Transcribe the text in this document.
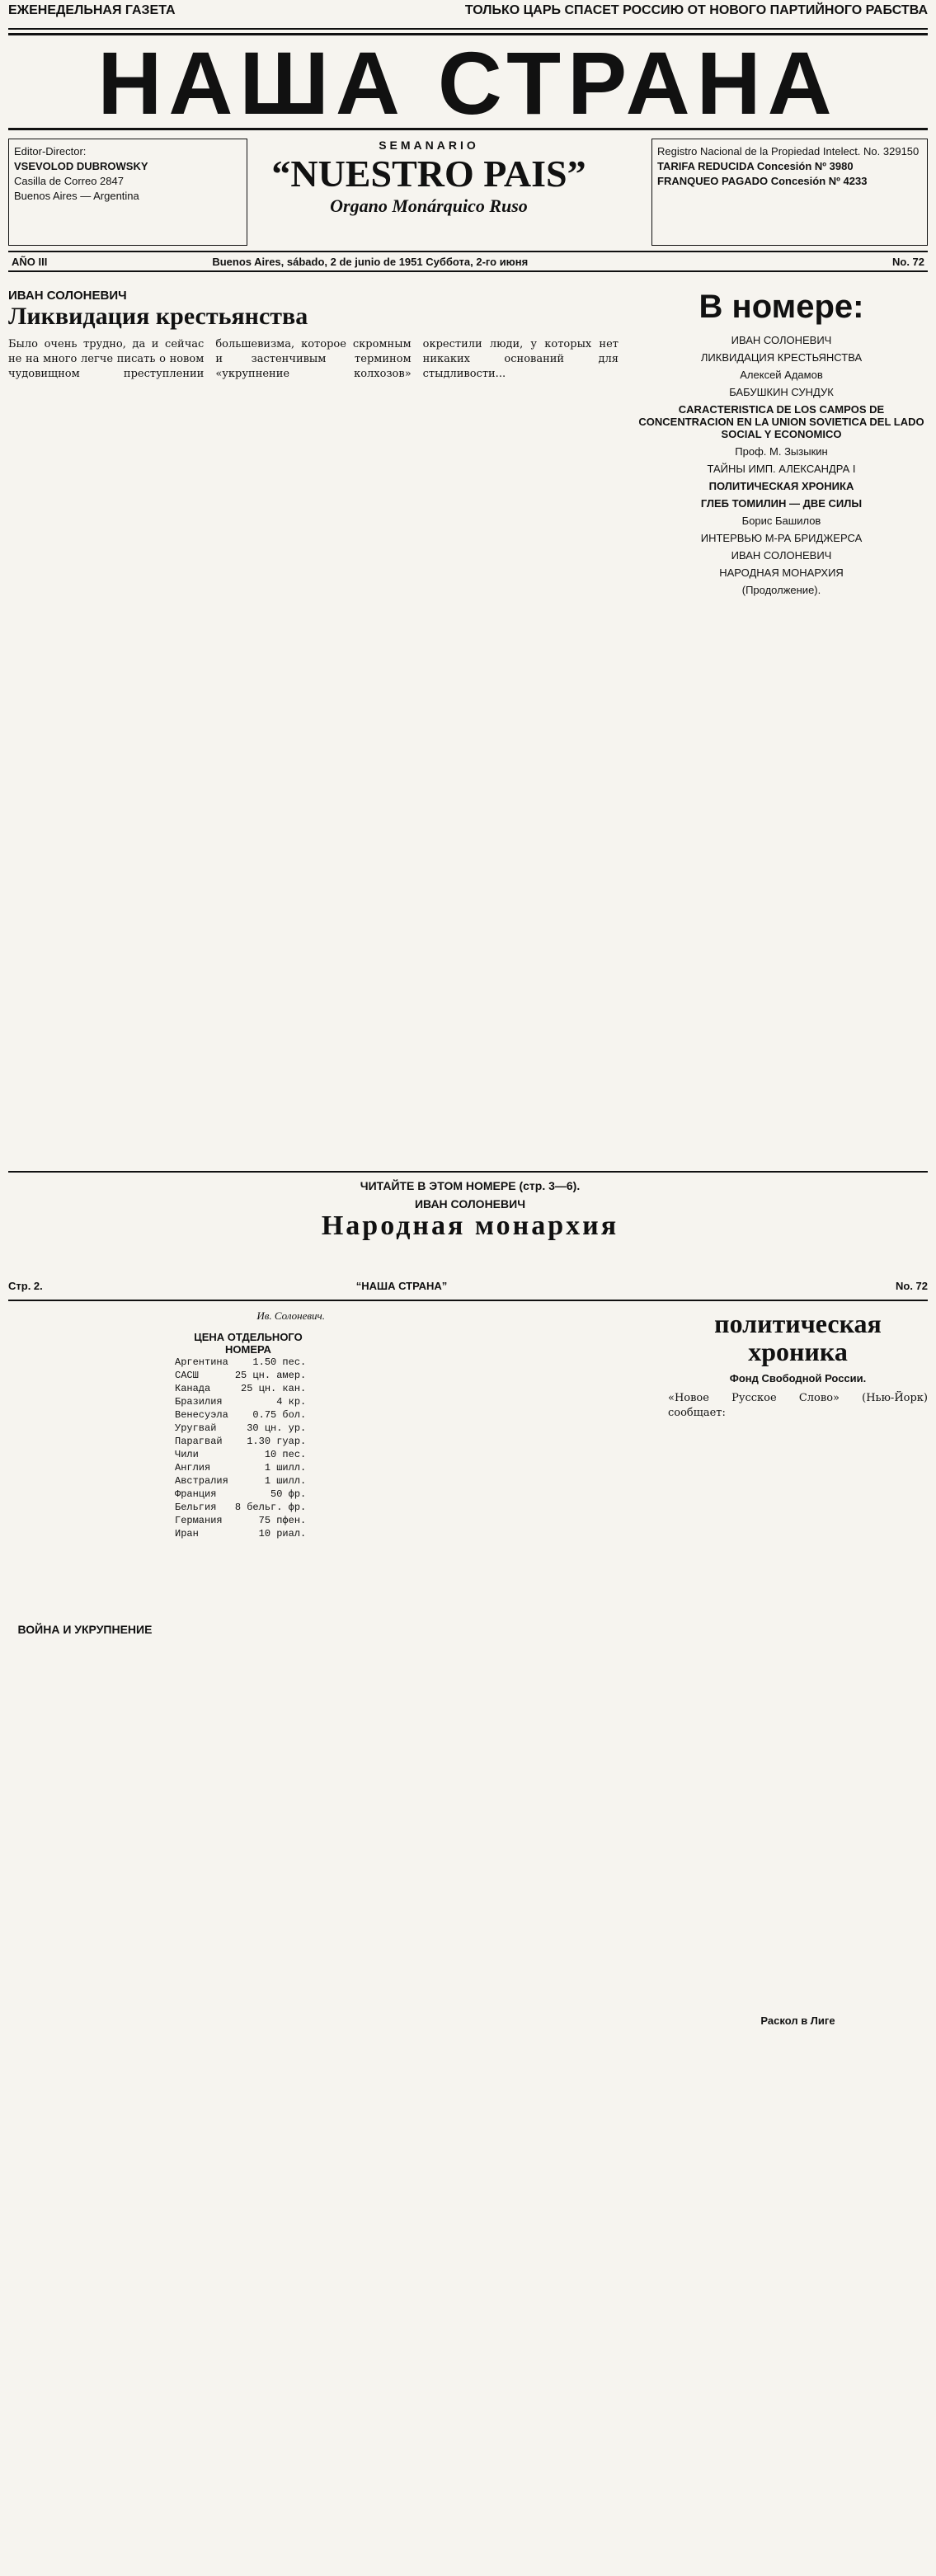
ЕЖЕНЕДЕЛЬНАЯ ГАЗЕТА	ТОЛЬКО ЦАРЬ СПАСЕТ РОССИЮ ОТ НОВОГО ПАРТИЙНОГО РАБСТВА
НАША СТРАНА
Editor-Director:
VSEVOLOD DUBROWSKY
Casilla de Correo 2847
Buenos Aires — Argentina
SEMANARIO
“NUESTRO PAIS”
Organo Monárquico Ruso
Registro Nacional de la Propiedad Intelect. No. 329150
TARIFA REDUCIDA Concesión Nº 3980
FRANQUEO PAGADO Concesión Nº 4233
AÑO III	Buenos Aires, sábado, 2 de junio de 1951 Суббота, 2-го июня	No. 72
ИВАН СОЛОНЕВИЧ
Ликвидация крестьянства
Было очень трудно, да и сейчас не на много легче писать о новом чудовищном преступлении большевизма, которое скромным и застенчивым термином «укрупнение колхозов» окрестили люди, у которых нет никаких оснований для стыдливости...
В номере:
ИВАН СОЛОНЕВИЧ
ЛИКВИДАЦИЯ КРЕСТЬЯНСТВА
Алексей Адамов
БАБУШКИН СУНДУК
CARACTERISTICA DE LOS CAMPOS DE CONCENTRACION EN LA UNION SOVIETICA DEL LADO SOCIAL Y ECONOMICO
Проф. М. Зызыкин
ТАЙНЫ ИМП. АЛЕКСАНДРА I
ПОЛИТИЧЕСКАЯ ХРОНИКА
ГЛЕБ ТОМИЛИН — ДВЕ СИЛЫ
Борис Башилов
ИНТЕРВЬЮ М-РА БРИДЖЕРСА
ИВАН СОЛОНЕВИЧ
НАРОДНАЯ МОНАРХИЯ
(Продолжение).
ЧИТАЙТЕ В ЭТОМ НОМЕРЕ (стр. 3—6).
ИВАН СОЛОНЕВИЧ
Народная монархия
Стр. 2.	“НАША СТРАНА”	No. 72
ВОЙНА И УКРУПНЕНИЕ
Ив. Солоневич.
ЦЕНА ОТДЕЛЬНОГО НОМЕРА
Аргентина	1.50 пес.
САСШ	25 цн. амер.
Канада	25 цн. кан.
Бразилия	4 кр.
Венесуэла	0.75 бол.
Уругвай	30 цн. ур.
Парагвай	1.30 гуар.
Чили	10 пес.
Англия	1 шилл.
Австралия	1 шилл.
Франция	50 фр.
Бельгия	8 бельг. фр.
Германия	75 пфен.
Иран	10 риал.
политическая хроника
Фонд Свободной России.
«Новое Русское Слово» (Нью-Йорк) сообщает:
Раскол в Лиге
